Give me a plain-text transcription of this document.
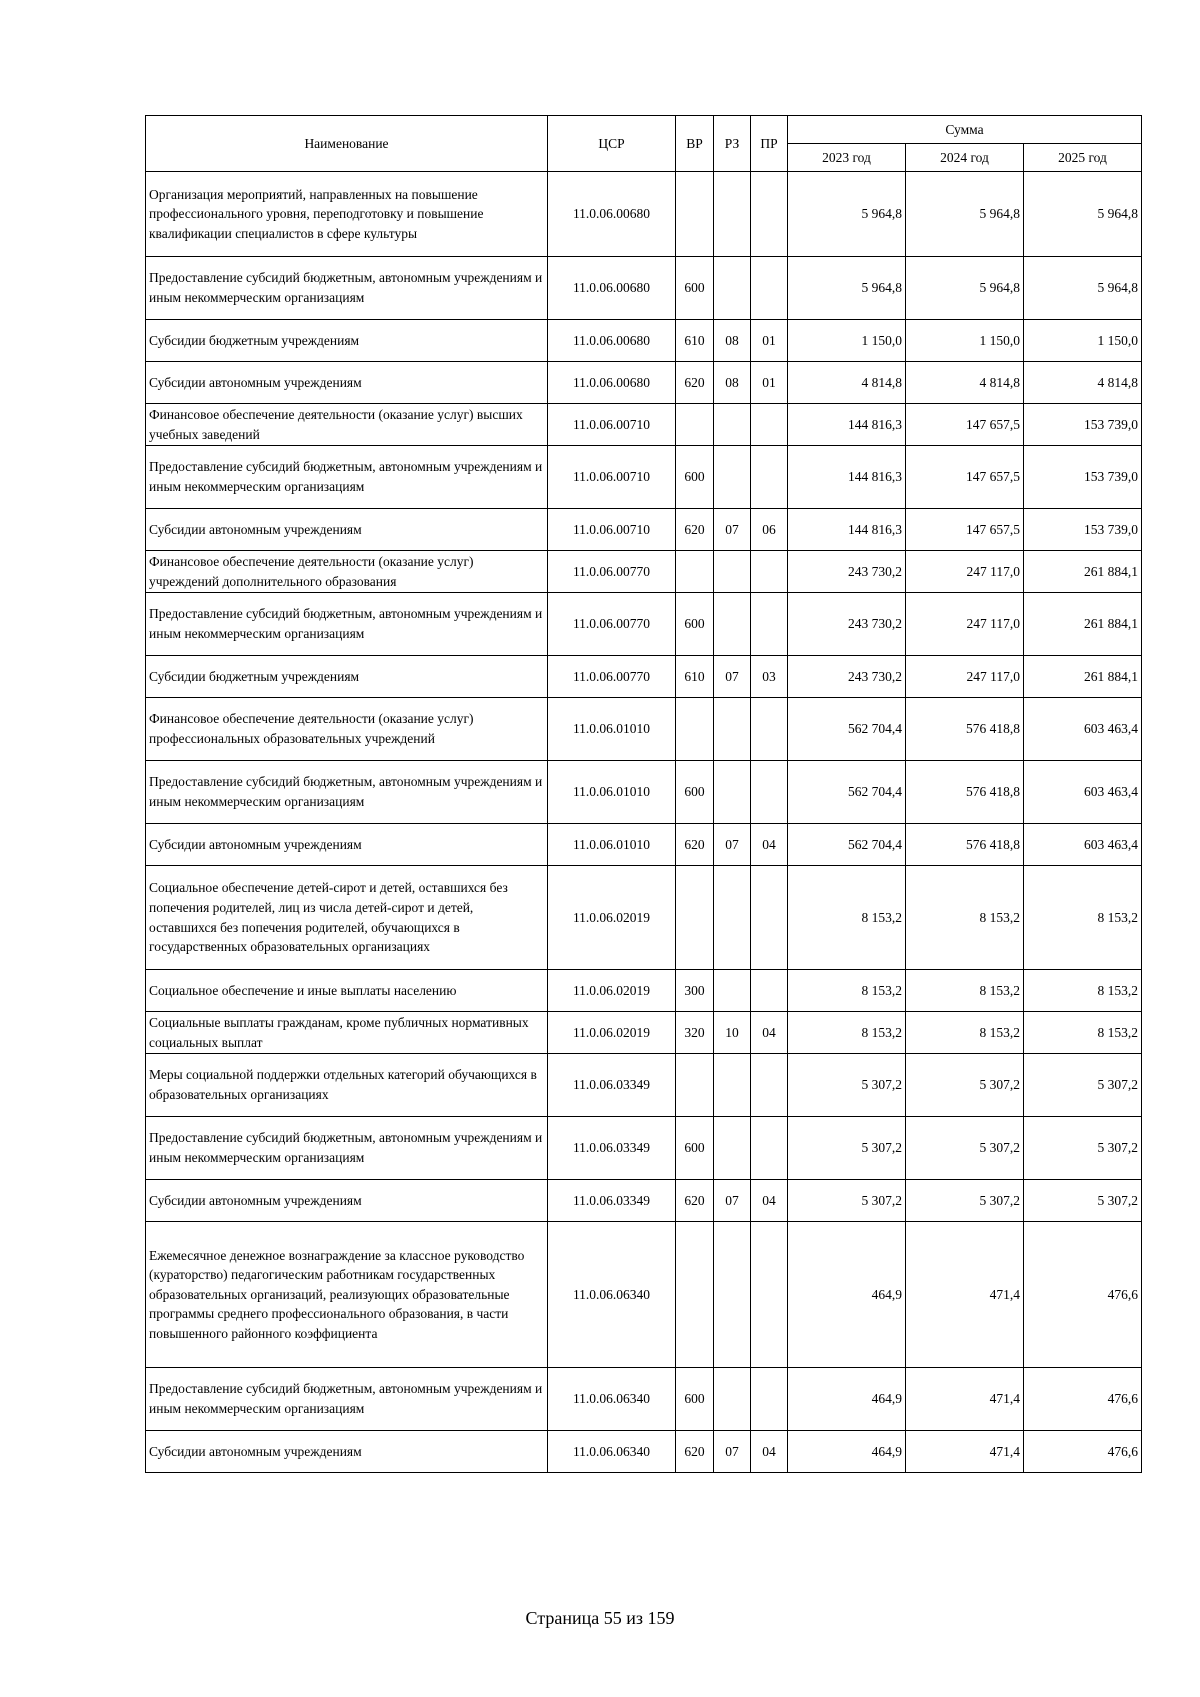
Наименование	ЦСР	ВР	РЗ	ПР	Сумма		
					2023 год	2024 год	2025 год
Организация мероприятий, направленных на повышение профессионального уровня, переподготовку и повышение квалификации специалистов в сфере культуры	11.0.06.00680				5 964,8	5 964,8	5 964,8
Предоставление субсидий бюджетным, автономным учреждениям и иным некоммерческим организациям	11.0.06.00680	600			5 964,8	5 964,8	5 964,8
Субсидии бюджетным учреждениям	11.0.06.00680	610	08	01	1 150,0	1 150,0	1 150,0
Субсидии автономным учреждениям	11.0.06.00680	620	08	01	4 814,8	4 814,8	4 814,8
Финансовое обеспечение деятельности (оказание услуг) высших учебных заведений	11.0.06.00710				144 816,3	147 657,5	153 739,0
Предоставление субсидий бюджетным, автономным учреждениям и иным некоммерческим организациям	11.0.06.00710	600			144 816,3	147 657,5	153 739,0
Субсидии автономным учреждениям	11.0.06.00710	620	07	06	144 816,3	147 657,5	153 739,0
Финансовое обеспечение деятельности (оказание услуг) учреждений дополнительного образования	11.0.06.00770				243 730,2	247 117,0	261 884,1
Предоставление субсидий бюджетным, автономным учреждениям и иным некоммерческим организациям	11.0.06.00770	600			243 730,2	247 117,0	261 884,1
Субсидии бюджетным учреждениям	11.0.06.00770	610	07	03	243 730,2	247 117,0	261 884,1
Финансовое обеспечение деятельности (оказание услуг) профессиональных образовательных учреждений	11.0.06.01010				562 704,4	576 418,8	603 463,4
Предоставление субсидий бюджетным, автономным учреждениям и иным некоммерческим организациям	11.0.06.01010	600			562 704,4	576 418,8	603 463,4
Субсидии автономным учреждениям	11.0.06.01010	620	07	04	562 704,4	576 418,8	603 463,4
Социальное обеспечение детей-сирот и детей, оставшихся без попечения родителей, лиц из числа детей-сирот и детей, оставшихся без попечения родителей, обучающихся в государственных образовательных организациях	11.0.06.02019				8 153,2	8 153,2	8 153,2
Социальное обеспечение и иные выплаты населению	11.0.06.02019	300			8 153,2	8 153,2	8 153,2
Социальные выплаты гражданам, кроме публичных нормативных социальных выплат	11.0.06.02019	320	10	04	8 153,2	8 153,2	8 153,2
Меры социальной поддержки отдельных категорий обучающихся в образовательных организациях	11.0.06.03349				5 307,2	5 307,2	5 307,2
Предоставление субсидий бюджетным, автономным учреждениям и иным некоммерческим организациям	11.0.06.03349	600			5 307,2	5 307,2	5 307,2
Субсидии автономным учреждениям	11.0.06.03349	620	07	04	5 307,2	5 307,2	5 307,2
Ежемесячное денежное вознаграждение за классное руководство (кураторство) педагогическим работникам государственных образовательных организаций, реализующих образовательные программы среднего профессионального образования, в части повышенного районного коэффициента	11.0.06.06340				464,9	471,4	476,6
Предоставление субсидий бюджетным, автономным учреждениям и иным некоммерческим организациям	11.0.06.06340	600			464,9	471,4	476,6
Субсидии автономным учреждениям	11.0.06.06340	620	07	04	464,9	471,4	476,6
Страница 55 из 159
